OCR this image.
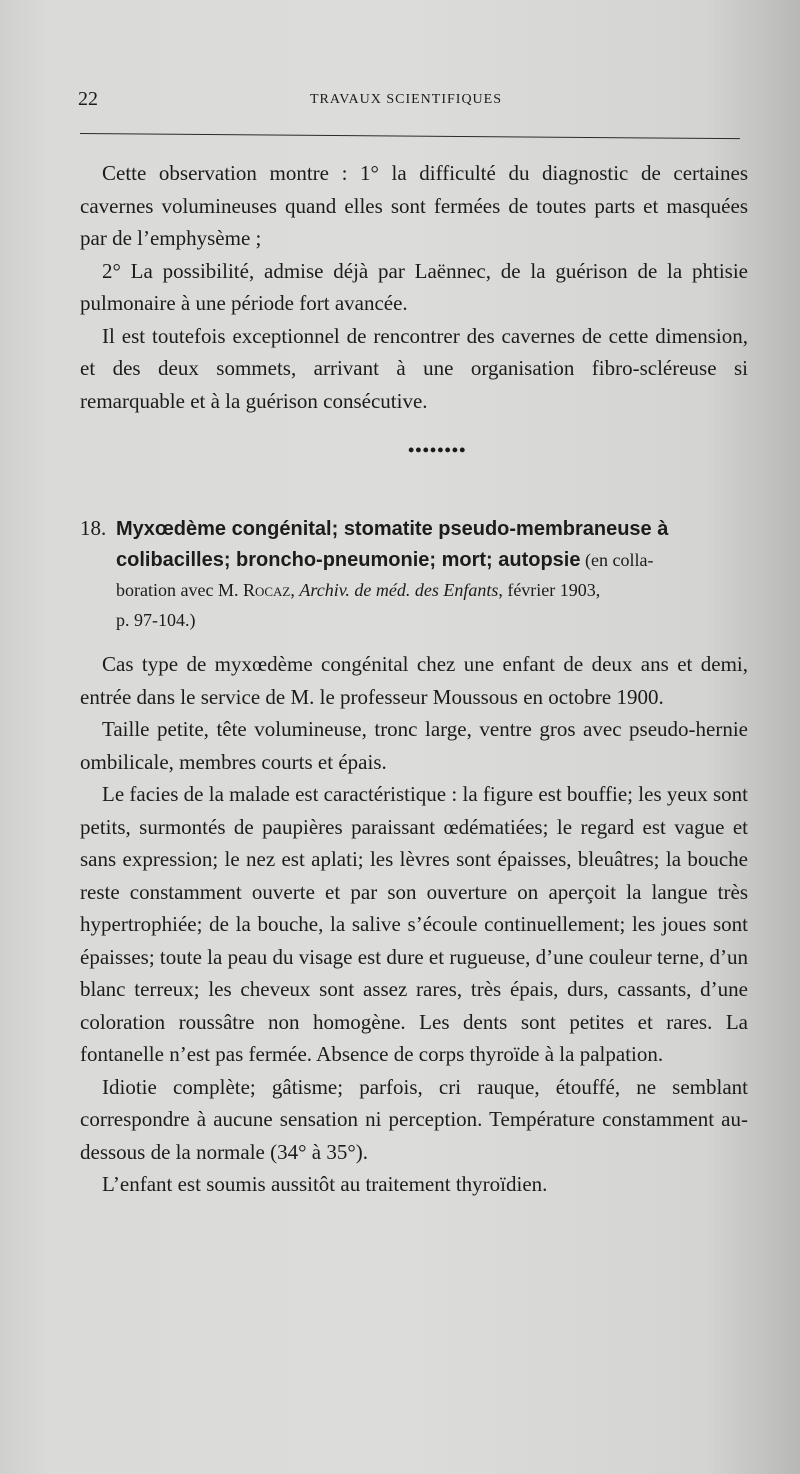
22	TRAVAUX SCIENTIFIQUES

Cette observation montre : 1° la difficulté du diagnostic de certaines cavernes volumineuses quand elles sont fermées de toutes parts et masquées par de l’emphysème ;

2° La possibilité, admise déjà par Laënnec, de la guérison de la phtisie pulmonaire à une période fort avancée.

Il est toutefois exceptionnel de rencontrer des cavernes de cette dimension, et des deux sommets, arrivant à une organisation fibro-scléreuse si remarquable et à la guérison consécutive.

••••••••
18. Myxœdème congénital; stomatite pseudo-membraneuse à
colibacilles; broncho-pneumonie; mort; autopsie (en colla-
boration avec M. Rocaz, Archiv. de méd. des Enfants, février 1903,
p. 97-104.)

Cas type de myxœdème congénital chez une enfant de deux ans et demi, entrée dans le service de M. le professeur Moussous en octobre 1900.

Taille petite, tête volumineuse, tronc large, ventre gros avec pseudo-hernie ombilicale, membres courts et épais.

Le facies de la malade est caractéristique : la figure est bouffie; les yeux sont petits, surmontés de paupières paraissant œdématiées; le regard est vague et sans expression; le nez est aplati; les lèvres sont épaisses, bleuâtres; la bouche reste constamment ouverte et par son ouverture on aperçoit la langue très hypertrophiée; de la bouche, la salive s’écoule continuellement; les joues sont épaisses; toute la peau du visage est dure et rugueuse, d’une couleur terne, d’un blanc terreux; les cheveux sont assez rares, très épais, durs, cassants, d’une coloration roussâtre non homogène. Les dents sont petites et rares. La fontanelle n’est pas fermée. Absence de corps thyroïde à la palpation.

Idiotie complète; gâtisme; parfois, cri rauque, étouffé, ne semblant correspondre à aucune sensation ni perception. Température constamment au-dessous de la normale (34° à 35°).

L’enfant est soumis aussitôt au traitement thyroïdien.
